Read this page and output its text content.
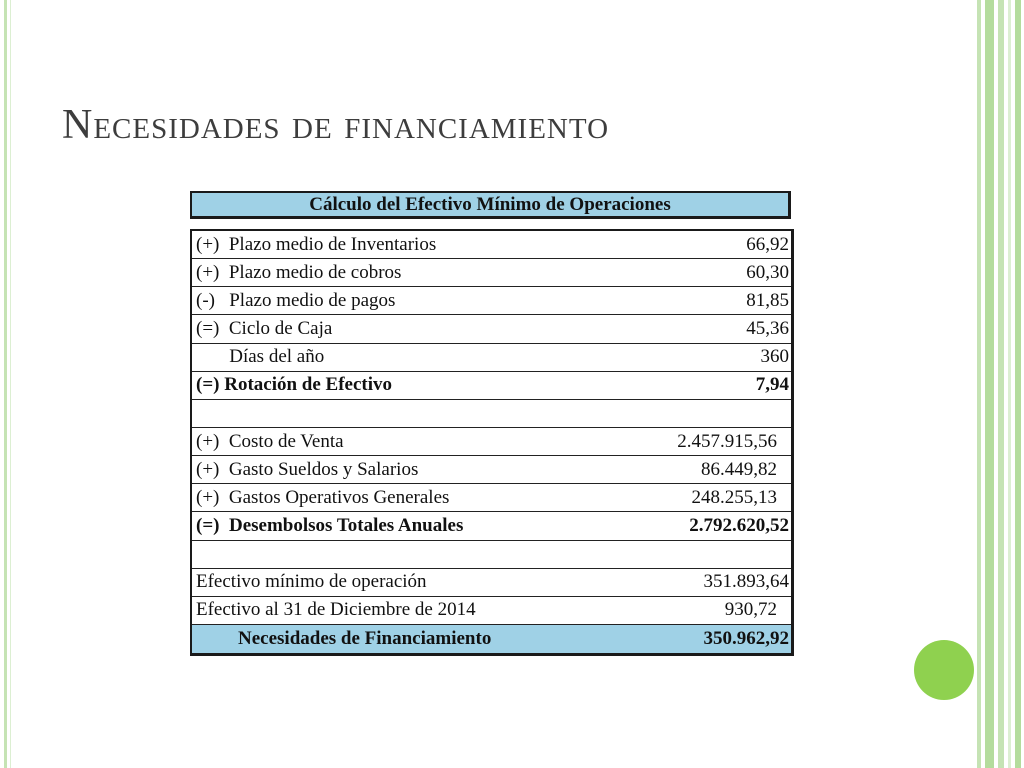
Necesidades de financiamiento
Cálculo del Efectivo Mínimo de Operaciones
(+)  Plazo medio de Inventarios	66,92
(+)  Plazo medio de cobros	60,30
(-)   Plazo medio de pagos	81,85
(=)  Ciclo de Caja	45,36
Días del año	360
(=) Rotación de Efectivo	7,94
(+)  Costo de Venta	2.457.915,56
(+)  Gasto Sueldos y Salarios	86.449,82
(+)  Gastos Operativos Generales	248.255,13
(=)  Desembolsos Totales Anuales	2.792.620,52
Efectivo mínimo de operación	351.893,64
Efectivo al 31 de Diciembre de 2014	930,72
Necesidades de Financiamiento	350.962,92
